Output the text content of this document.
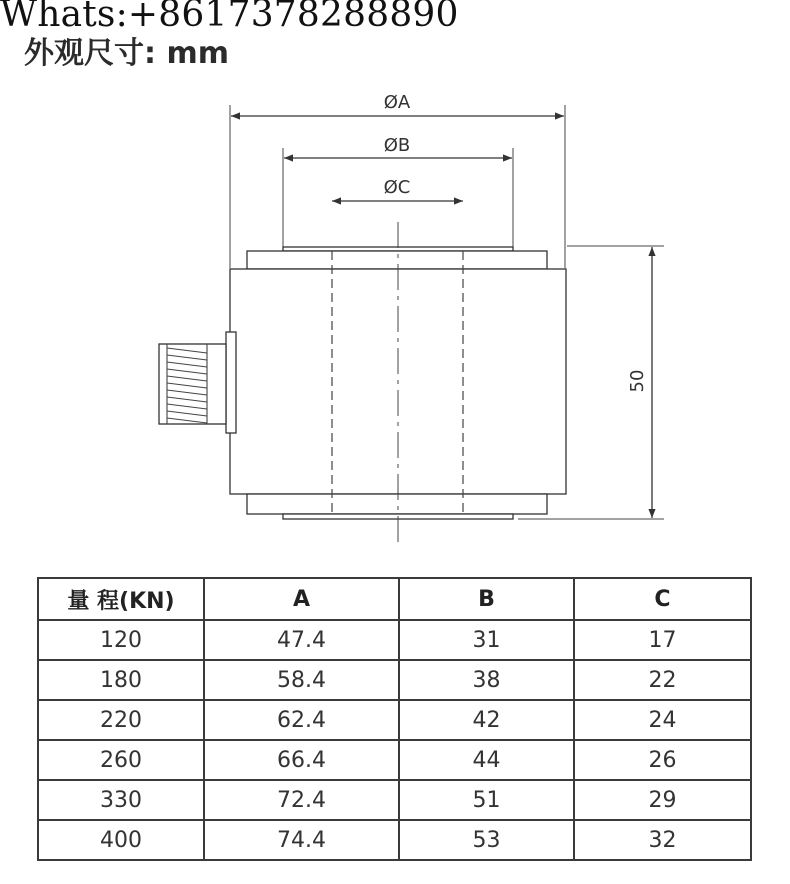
Whats:+8617378288890
外观尺寸: mm
ØA
ØB
ØC
50
量 程(KN)	A	B	C
120	47.4	31	17
180	58.4	38	22
220	62.4	42	24
260	66.4	44	26
330	72.4	51	29
400	74.4	53	32
